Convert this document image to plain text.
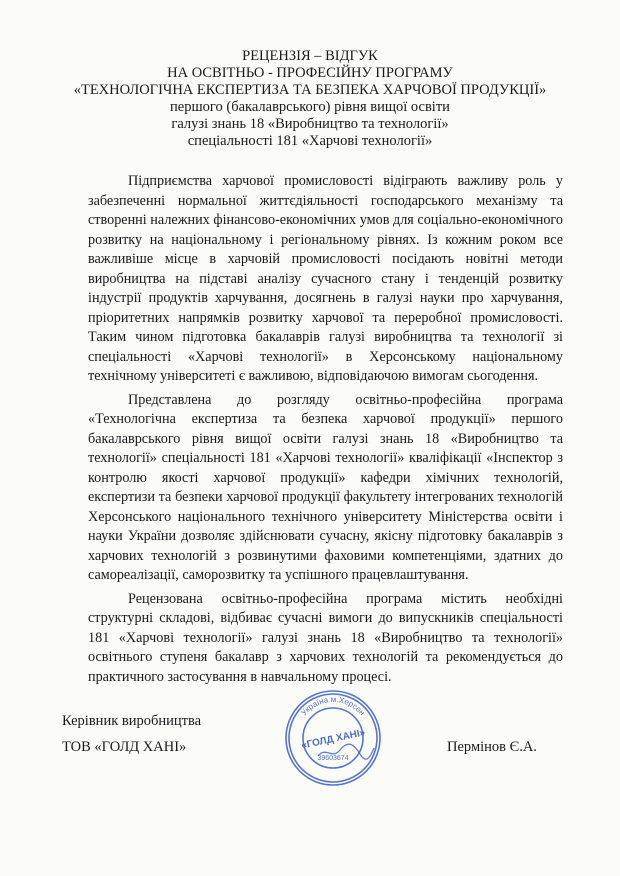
РЕЦЕНЗІЯ – ВІДГУК
НА ОСВІТНЬО - ПРОФЕСІЙНУ ПРОГРАМУ
«ТЕХНОЛОГІЧНА ЕКСПЕРТИЗА ТА БЕЗПЕКА ХАРЧОВОЇ ПРОДУКЦІЇ»
першого (бакалаврського) рівня вищої освіти
галузі знань 18 «Виробництво та технології»
спеціальності 181 «Харчові технології»

Підприємства харчової промисловості відіграють важливу роль у забезпеченні нормальної життєдіяльності господарського механізму та створенні належних фінансово-економічних умов для соціально-економічного розвитку на національному і регіональному рівнях. Із кожним роком все важливіше місце в харчовій промисловості посідають новітні методи виробництва на підставі аналізу сучасного стану і тенденцій розвитку індустрії продуктів харчування, досягнень в галузі науки про харчування, пріоритетних напрямків розвитку харчової та переробної промисловості. Таким чином підготовка бакалаврів галузі виробництва та технології зі спеціальності «Харчові технології» в Херсонському національному технічному університеті є важливою, відповідаючою вимогам сьогодення.

Представлена до розгляду освітньо-професійна програма «Технологічна експертиза та безпека харчової продукції» першого бакалаврського рівня вищої освіти галузі знань 18 «Виробництво та технології» спеціальності 181 «Харчові технології» кваліфікації «Інспектор з контролю якості харчової продукції» кафедри хімічних технологій, експертизи та безпеки харчової продукції факультету інтегрованих технологій Херсонського національного технічного університету Міністерства освіти і науки України дозволяє здійснювати сучасну, якісну підготовку бакалаврів з харчових технологій з розвинутими фаховими компетенціями, здатних до самореалізації, саморозвитку та успішного працевлаштування.

Рецензована освітньо-професійна програма містить необхідні структурні складові, відбиває сучасні вимоги до випускників спеціальності 181 «Харчові технології» галузі знань 18 «Виробництво та технології» освітнього ступеня бакалавр з харчових технологій та рекомендується до практичного застосування в навчальному процесі.

Керівник виробництва
ТОВ «ГОЛД ХАНІ»	Пермінов Є.А.
Україна м.Херсон
«ГОЛД ХАНІ»
39603674
